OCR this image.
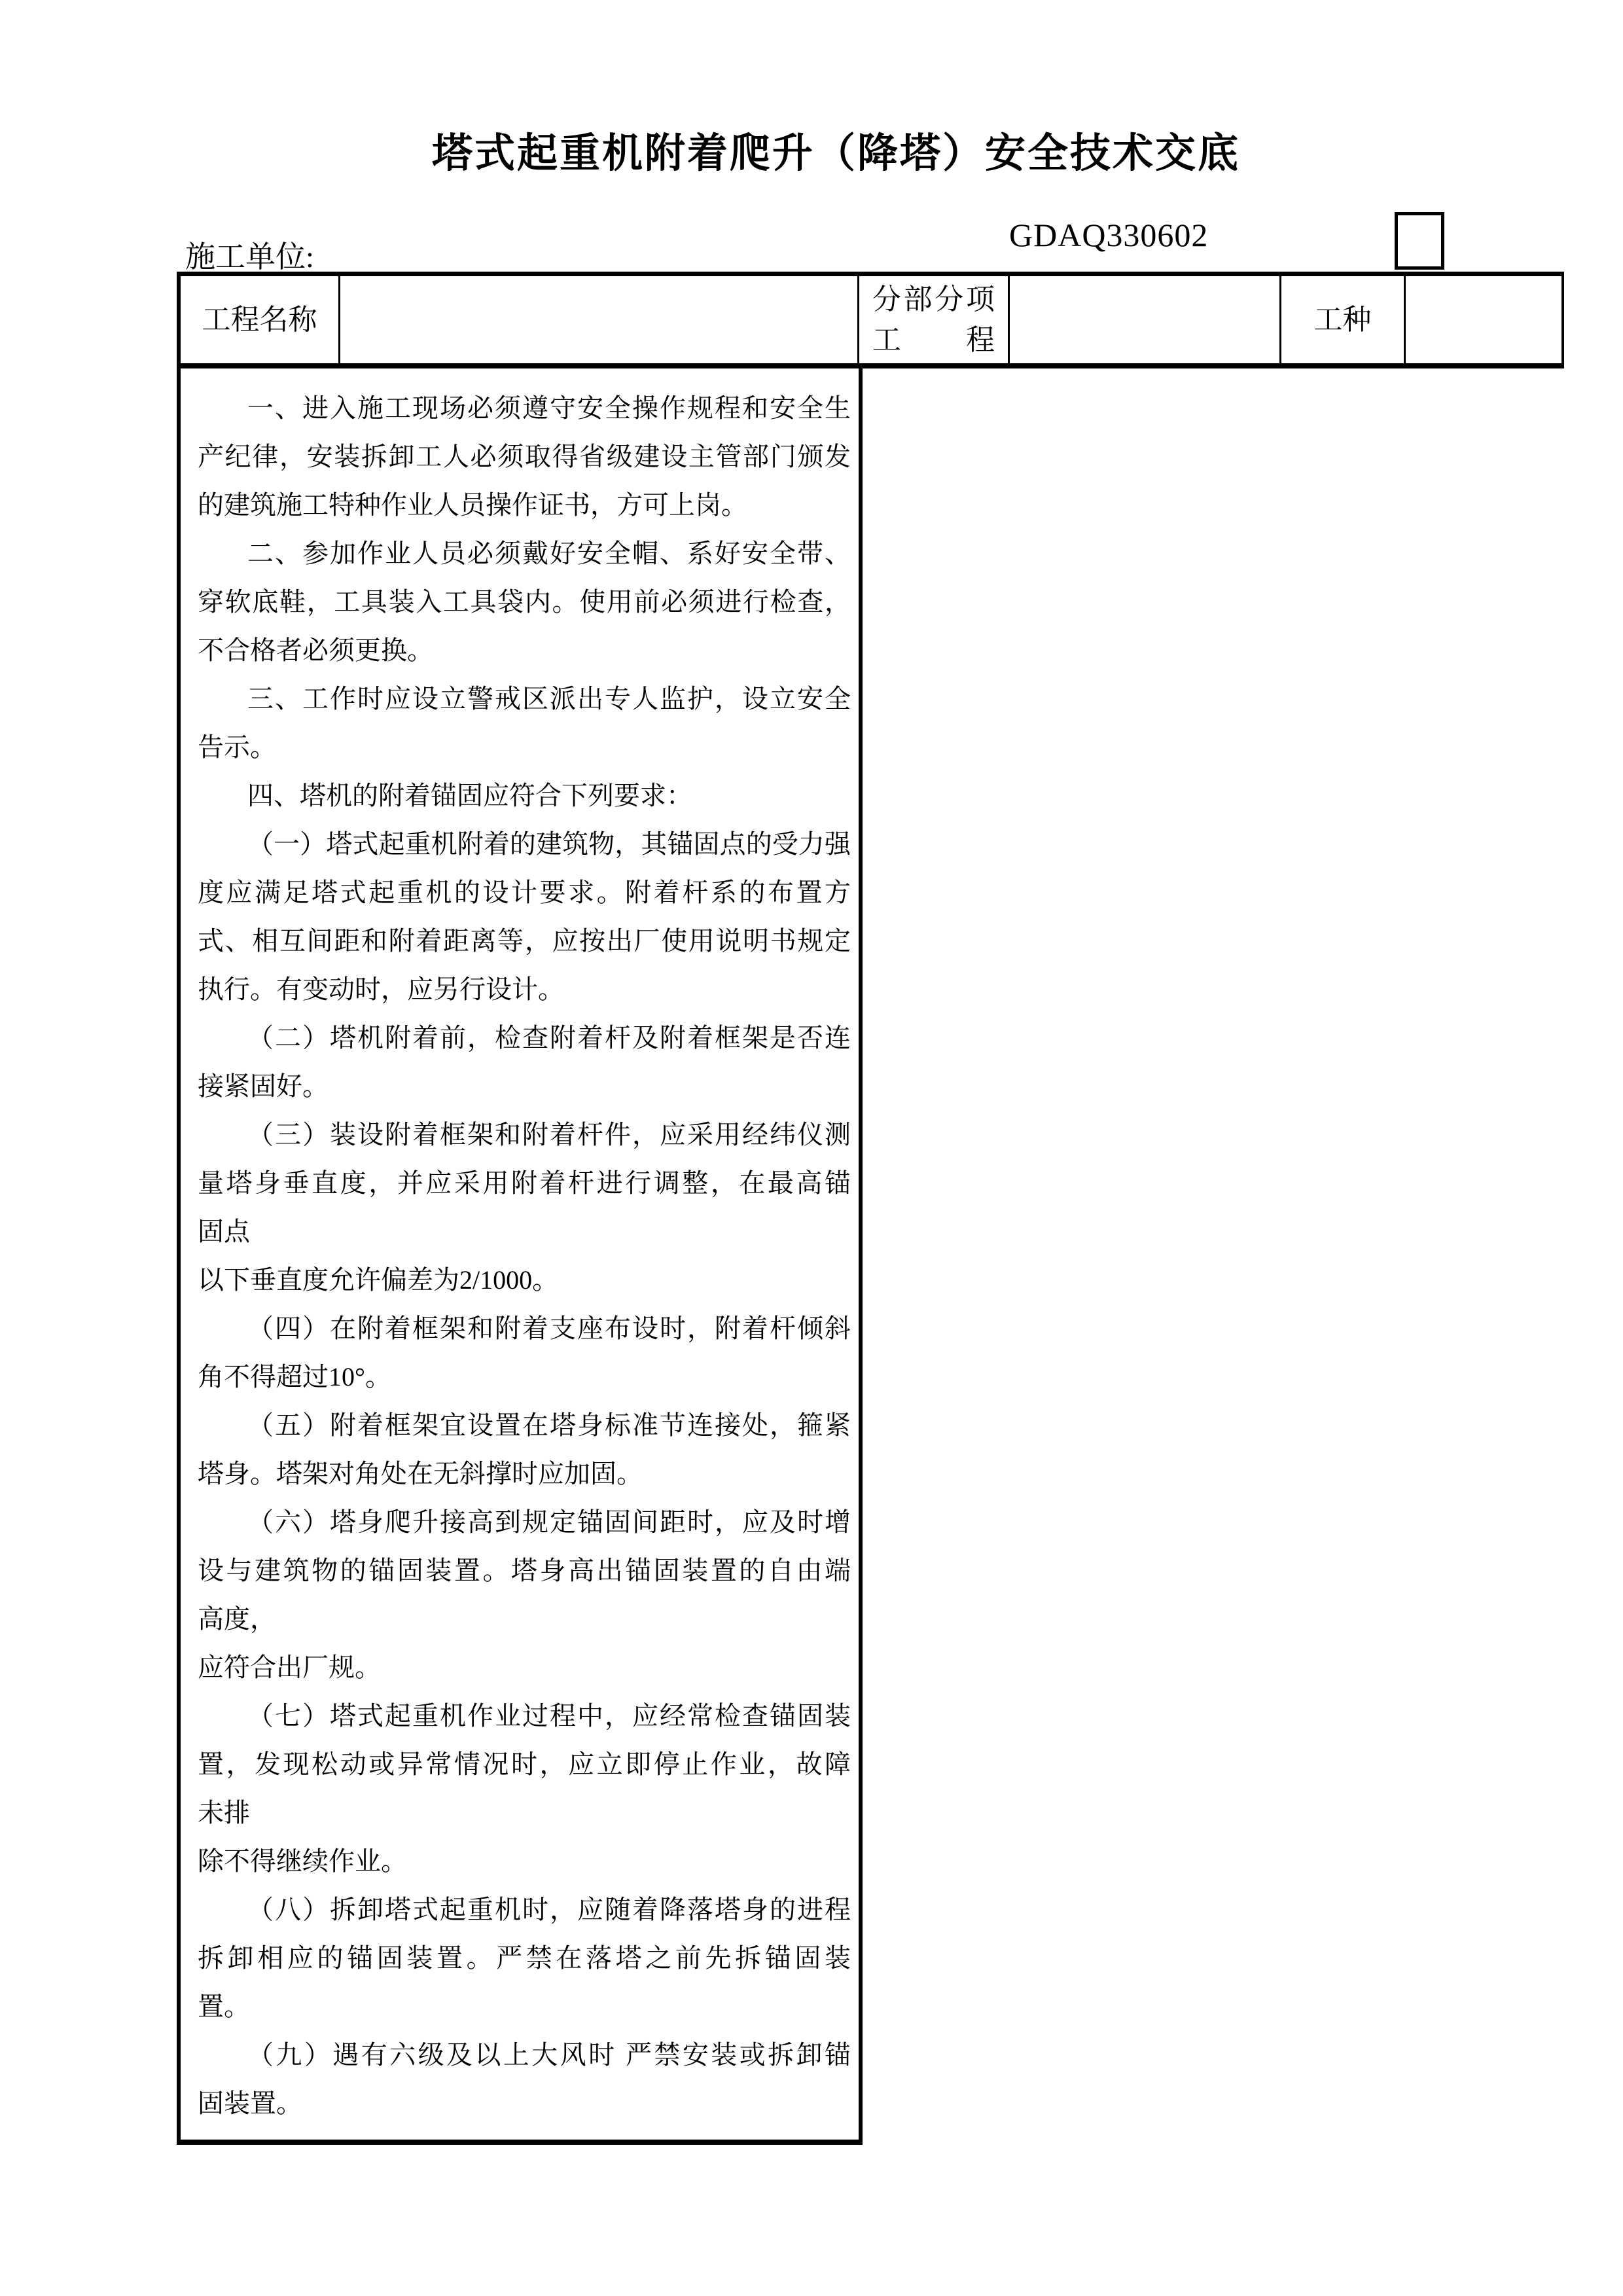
塔式起重机附着爬升（降塔）安全技术交底
GDAQ330602
施工单位:
工程名称
分部分项
工　程
工种
一、进入施工现场必须遵守安全操作规程和安全生
产纪律，安装拆卸工人必须取得省级建设主管部门颁发
的建筑施工特种作业人员操作证书，方可上岗。
二、参加作业人员必须戴好安全帽、系好安全带、
穿软底鞋，工具装入工具袋内。使用前必须进行检查，
不合格者必须更换。
三、工作时应设立警戒区派出专人监护，设立安全
告示。
四、塔机的附着锚固应符合下列要求：
（一）塔式起重机附着的建筑物，其锚固点的受力强
度应满足塔式起重机的设计要求。附着杆系的布置方
式、相互间距和附着距离等，应按出厂使用说明书规定
执行。有变动时，应另行设计。
（二）塔机附着前，检查附着杆及附着框架是否连
接紧固好。
（三）装设附着框架和附着杆件，应采用经纬仪测
量塔身垂直度，并应采用附着杆进行调整，在最高锚
固点
以下垂直度允许偏差为2/1000。
（四）在附着框架和附着支座布设时，附着杆倾斜
角不得超过10°。
（五）附着框架宜设置在塔身标准节连接处，箍紧
塔身。塔架对角处在无斜撑时应加固。
（六）塔身爬升接高到规定锚固间距时，应及时增
设与建筑物的锚固装置。塔身高出锚固装置的自由端
高度，
应符合出厂规。
（七）塔式起重机作业过程中，应经常检查锚固装
置，发现松动或异常情况时，应立即停止作业，故障
未排
除不得继续作业。
（八）拆卸塔式起重机时，应随着降落塔身的进程
拆卸相应的锚固装置。严禁在落塔之前先拆锚固装
置。
（九）遇有六级及以上大风时 严禁安装或拆卸锚
固装置。
